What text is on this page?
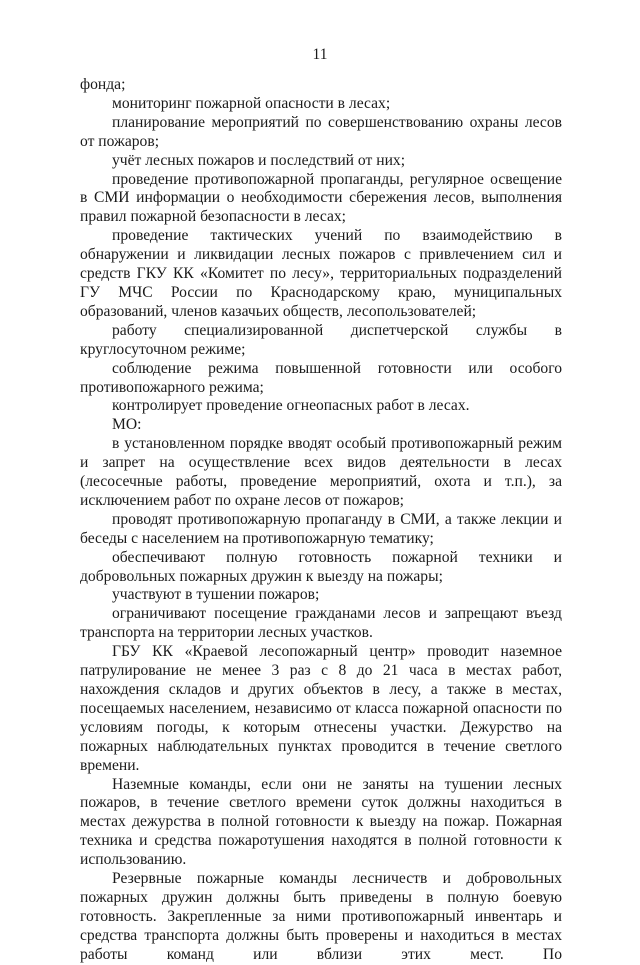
11

фонда;

мониторинг пожарной опасности в лесах;

планирование мероприятий по совершенствованию охраны лесов от пожаров;

учёт лесных пожаров и последствий от них;

проведение противопожарной пропаганды, регулярное освещение в СМИ информации о необходимости сбережения лесов, выполнения правил пожарной безопасности в лесах;

проведение тактических учений по взаимодействию в обнаружении и ликвидации лесных пожаров с привлечением сил и средств ГКУ КК «Комитет по лесу», территориальных подразделений ГУ МЧС России по Краснодарскому краю, муниципальных образований, членов казачьих обществ, лесопользователей;

работу специализированной диспетчерской службы в круглосуточном режиме;

соблюдение режима повышенной готовности или особого противопожарного режима;

контролирует проведение огнеопасных работ в лесах.

МО:

в установленном порядке вводят особый противопожарный режим и запрет на осуществление всех видов деятельности в лесах (лесосечные работы, проведение мероприятий, охота и т.п.), за исключением работ по охране лесов от пожаров;

проводят противопожарную пропаганду в СМИ, а также лекции и беседы с населением на противопожарную тематику;

обеспечивают полную готовность пожарной техники и добровольных пожарных дружин к выезду на пожары;

участвуют в тушении пожаров;

ограничивают посещение гражданами лесов и запрещают въезд транспорта на территории лесных участков.

ГБУ КК «Краевой лесопожарный центр» проводит наземное патрулирование не менее 3 раз с 8 до 21 часа в местах работ, нахождения складов и других объектов в лесу, а также в местах, посещаемых населением, независимо от класса пожарной опасности по условиям погоды, к которым отнесены участки. Дежурство на пожарных наблюдательных пунктах проводится в течение светлого времени.

Наземные команды, если они не заняты на тушении лесных пожаров, в течение светлого времени суток должны находиться в местах дежурства в полной готовности к выезду на пожар. Пожарная техника и средства пожаротушения находятся в полной готовности к использованию.

Резервные пожарные команды лесничеств и добровольных пожарных дружин должны быть приведены в полную боевую готовность. Закрепленные за ними противопожарный инвентарь и средства транспорта должны быть проверены и находиться в местах работы команд или вблизи этих мест. По
